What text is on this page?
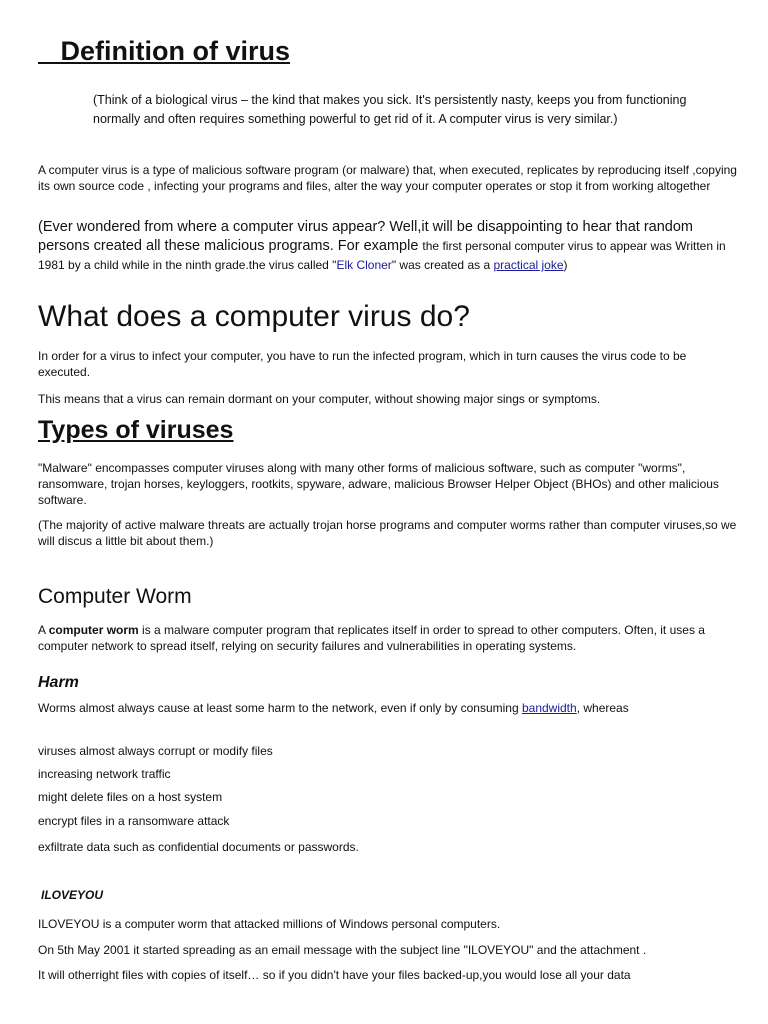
Definition of virus

(Think of a biological virus – the kind that makes you sick. It's persistently nasty, keeps you from functioning normally and often requires something powerful to get rid of it. A computer virus is very similar.)

A computer virus is a type of malicious software program (or malware) that, when executed, replicates by reproducing itself ,copying its own source code , infecting your programs and files, alter the way your computer operates or stop it from working altogether

(Ever wondered from where a computer virus appear? Well,it will be disappointing to hear that random persons created all these malicious programs. For example the first personal computer virus to appear was Written in 1981 by a child while in the ninth grade.the virus called "Elk Cloner" was created as a practical joke)

What does a computer virus do?

In order for a virus to infect your computer, you have to run the infected program, which in turn causes the virus code to be executed.

This means that a virus can remain dormant on your computer, without showing major sings or symptoms.

Types of viruses

"Malware" encompasses computer viruses along with many other forms of malicious software, such as computer "worms", ransomware, trojan horses, keyloggers, rootkits, spyware, adware, malicious Browser Helper Object (BHOs) and other malicious software.

(The majority of active malware threats are actually trojan horse programs and computer worms rather than computer viruses,so we will discus a little bit about them.)

Computer Worm

A computer worm is a malware computer program that replicates itself in order to spread to other computers. Often, it uses a computer network to spread itself, relying on security failures and vulnerabilities in operating systems.

Harm

Worms almost always cause at least some harm to the network, even if only by consuming bandwidth, whereas

viruses almost always corrupt or modify files
increasing network traffic
might delete files on a host system
encrypt files in a ransomware attack
exfiltrate data such as confidential documents or passwords.
ILOVEYOU
ILOVEYOU is a computer worm that attacked millions of Windows personal computers.
On 5th May 2001 it started spreading as an email message with the subject line "ILOVEYOU" and the attachment .
It will otherright files with copies of itself… so if you didn't have your files backed-up,you would lose all your data
